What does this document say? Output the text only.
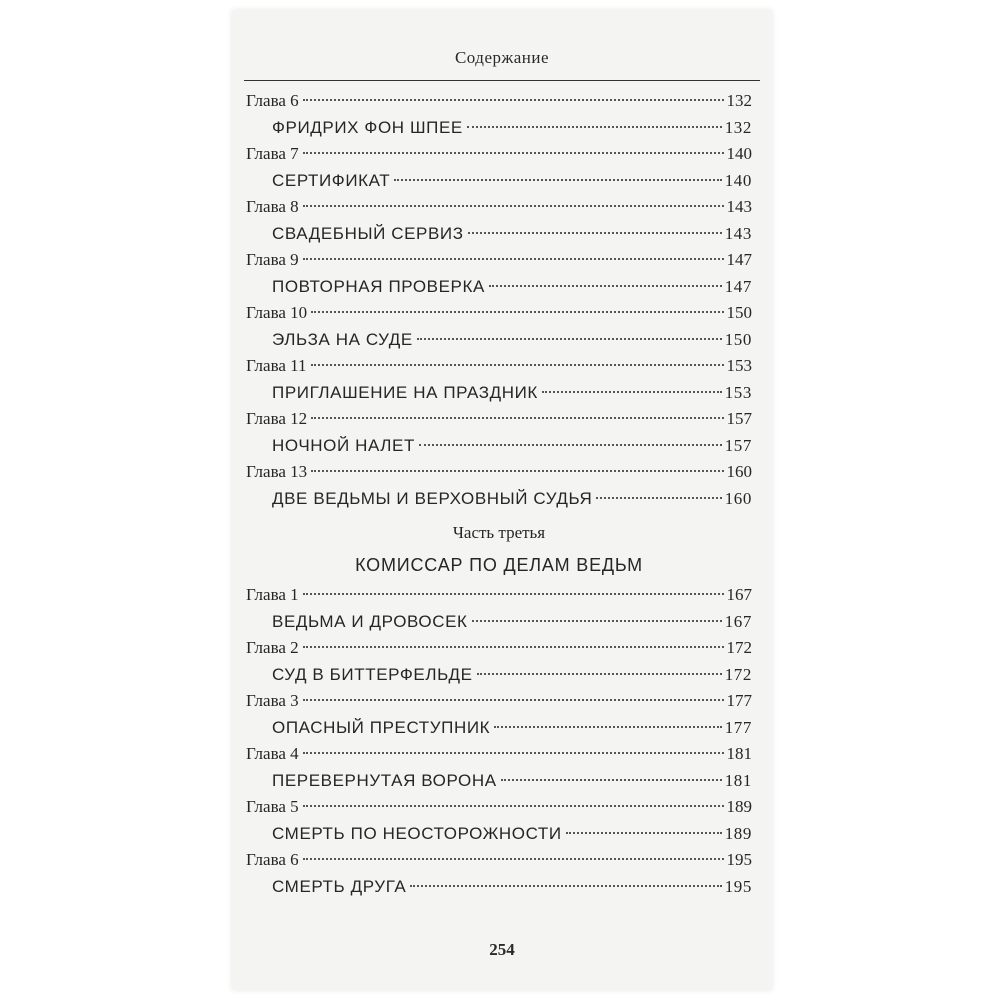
Содержание
Глава 6	132
ФРИДРИХ ФОН ШПЕЕ	132
Глава 7	140
СЕРТИФИКАТ	140
Глава 8	143
СВАДЕБНЫЙ СЕРВИЗ	143
Глава 9	147
ПОВТОРНАЯ ПРОВЕРКА	147
Глава 10	150
ЭЛЬЗА НА СУДЕ	150
Глава 11	153
ПРИГЛАШЕНИЕ НА ПРАЗДНИК	153
Глава 12	157
НОЧНОЙ НАЛЕТ	157
Глава 13	160
ДВЕ ВЕДЬМЫ И ВЕРХОВНЫЙ СУДЬЯ	160
Часть третья
КОМИССАР ПО ДЕЛАМ ВЕДЬМ
Глава 1	167
ВЕДЬМА И ДРОВОСЕК	167
Глава 2	172
СУД В БИТТЕРФЕЛЬДЕ	172
Глава 3	177
ОПАСНЫЙ ПРЕСТУПНИК	177
Глава 4	181
ПЕРЕВЕРНУТАЯ ВОРОНА	181
Глава 5	189
СМЕРТЬ ПО НЕОСТОРОЖНОСТИ	189
Глава 6	195
СМЕРТЬ ДРУГА	195
254
